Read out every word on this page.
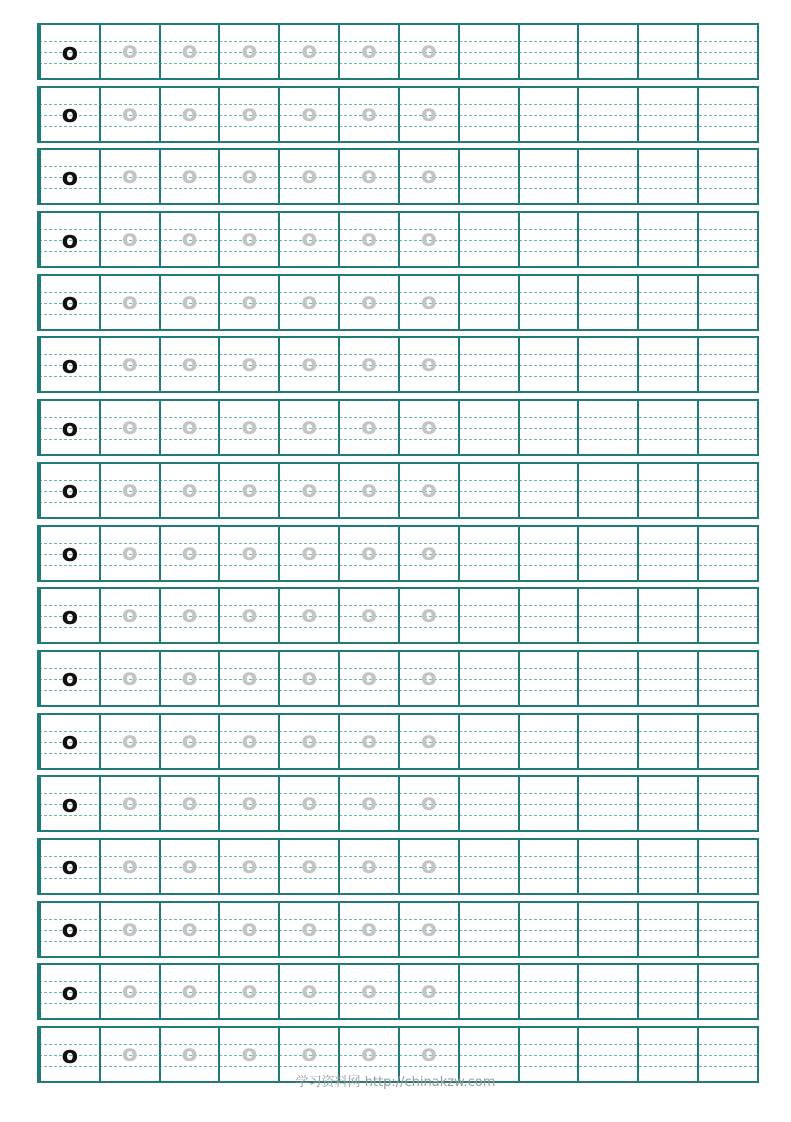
o o o o o o o
o o o o o o o
o o o o o o o
o o o o o o o
o o o o o o o
o o o o o o o
o o o o o o o
o o o o o o o
o o o o o o o
o o o o o o o
o o o o o o o
o o o o o o o
o o o o o o o
o o o o o o o
o o o o o o o
o o o o o o o
o o o o o o o
学习资料网 http://chinakzw.com
